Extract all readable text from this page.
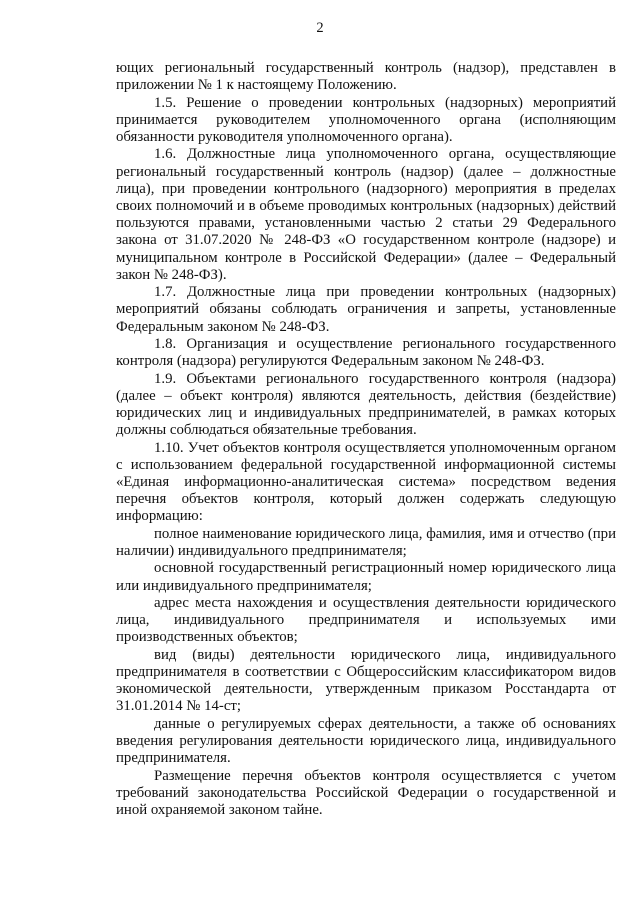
2

ющих региональный государственный контроль (надзор), представлен в приложении № 1 к настоящему Положению.

1.5. Решение о проведении контрольных (надзорных) мероприятий принимается руководителем уполномоченного органа (исполняющим обязанности руководителя уполномоченного органа).

1.6. Должностные лица уполномоченного органа, осуществляющие региональный государственный контроль (надзор) (далее – должностные лица), при проведении контрольного (надзорного) мероприятия в пределах своих полномочий и в объеме проводимых контрольных (надзорных) действий пользуются правами, установленными частью 2 статьи 29 Федерального закона от 31.07.2020 № 248-ФЗ «О государственном контроле (надзоре) и муниципальном контроле в Российской Федерации» (далее – Федеральный закон № 248-ФЗ).

1.7. Должностные лица при проведении контрольных (надзорных) мероприятий обязаны соблюдать ограничения и запреты, установленные Федеральным законом № 248-ФЗ.

1.8. Организация и осуществление регионального государственного контроля (надзора) регулируются Федеральным законом № 248-ФЗ.

1.9. Объектами регионального государственного контроля (надзора) (далее – объект контроля) являются деятельность, действия (бездействие) юридических лиц и индивидуальных предпринимателей, в рамках которых должны соблюдаться обязательные требования.

1.10. Учет объектов контроля осуществляется уполномоченным органом с использованием федеральной государственной информационной системы «Единая информационно-аналитическая система» посредством ведения перечня объектов контроля, который должен содержать следующую информацию:

полное наименование юридического лица, фамилия, имя и отчество (при наличии) индивидуального предпринимателя;

основной государственный регистрационный номер юридического лица или индивидуального предпринимателя;

адрес места нахождения и осуществления деятельности юридического лица, индивидуального предпринимателя и используемых ими производственных объектов;

вид (виды) деятельности юридического лица, индивидуального предпринимателя в соответствии с Общероссийским классификатором видов экономической деятельности, утвержденным приказом Росстандарта от 31.01.2014 № 14-ст;

данные о регулируемых сферах деятельности, а также об основаниях введения регулирования деятельности юридического лица, индивидуального предпринимателя.

Размещение перечня объектов контроля осуществляется с учетом требований законодательства Российской Федерации о государственной и иной охраняемой законом тайне.
